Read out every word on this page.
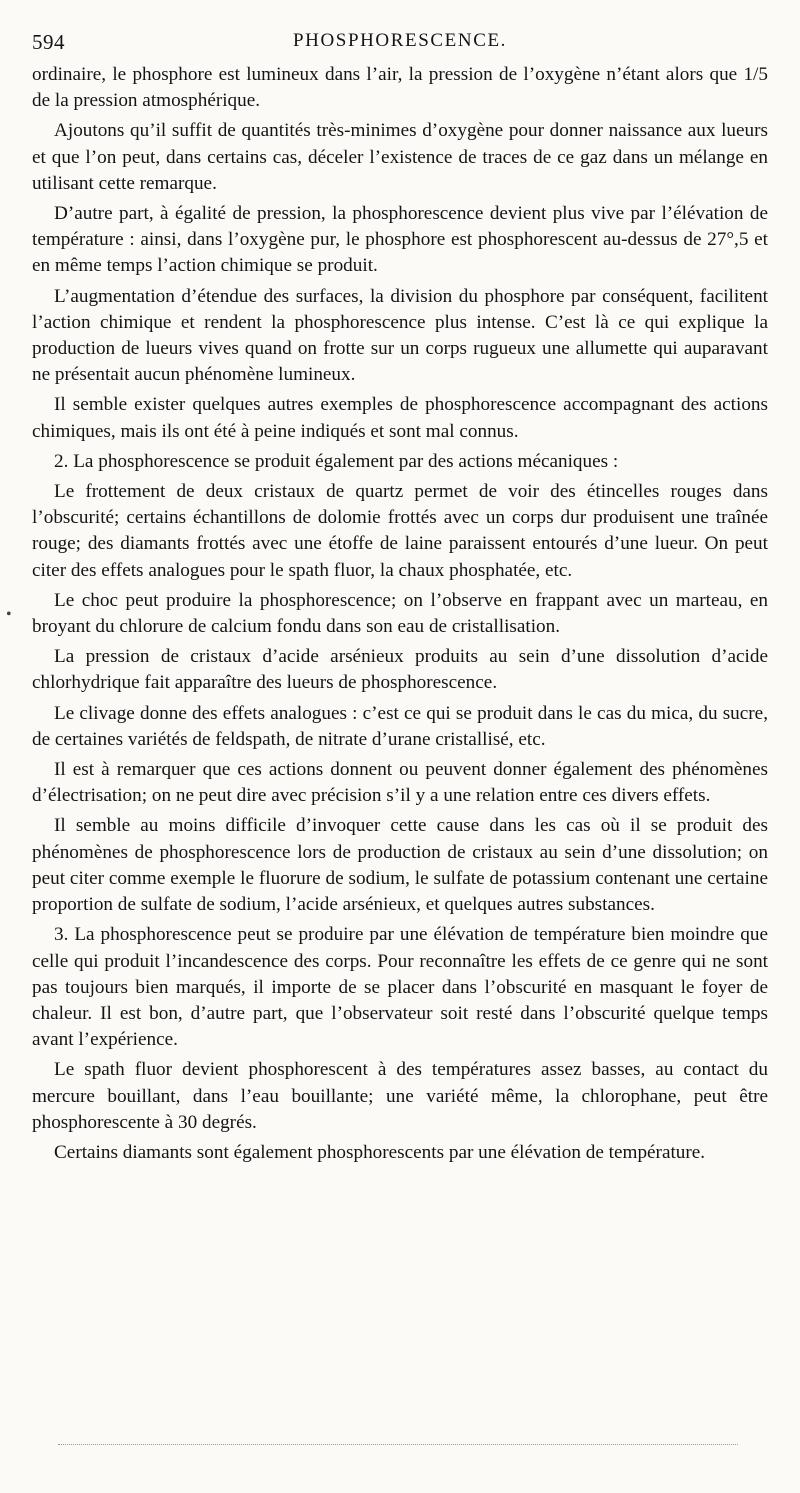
594	PHOSPHORESCENCE.

ordinaire, le phosphore est lumineux dans l’air, la pression de l’oxygène n’étant alors que 1/5 de la pression atmosphérique.

Ajoutons qu’il suffit de quantités très-minimes d’oxygène pour donner naissance aux lueurs et que l’on peut, dans certains cas, déceler l’existence de traces de ce gaz dans un mélange en utilisant cette remarque.

D’autre part, à égalité de pression, la phosphorescence devient plus vive par l’élévation de température : ainsi, dans l’oxygène pur, le phosphore est phosphorescent au-dessus de 27°,5 et en même temps l’action chimique se produit.

L’augmentation d’étendue des surfaces, la division du phosphore par conséquent, facilitent l’action chimique et rendent la phosphorescence plus intense. C’est là ce qui explique la production de lueurs vives quand on frotte sur un corps rugueux une allumette qui auparavant ne présentait aucun phénomène lumineux.

Il semble exister quelques autres exemples de phosphorescence accompagnant des actions chimiques, mais ils ont été à peine indiqués et sont mal connus.

2. La phosphorescence se produit également par des actions mécaniques :

Le frottement de deux cristaux de quartz permet de voir des étincelles rouges dans l’obscurité; certains échantillons de dolomie frottés avec un corps dur produisent une traînée rouge; des diamants frottés avec une étoffe de laine paraissent entourés d’une lueur. On peut citer des effets analogues pour le spath fluor, la chaux phosphatée, etc.

Le choc peut produire la phosphorescence; on l’observe en frappant avec un marteau, en broyant du chlorure de calcium fondu dans son eau de cristallisation.

La pression de cristaux d’acide arsénieux produits au sein d’une dissolution d’acide chlorhydrique fait apparaître des lueurs de phosphorescence.

Le clivage donne des effets analogues : c’est ce qui se produit dans le cas du mica, du sucre, de certaines variétés de feldspath, de nitrate d’urane cristallisé, etc.

Il est à remarquer que ces actions donnent ou peuvent donner également des phénomènes d’électrisation; on ne peut dire avec précision s’il y a une relation entre ces divers effets.

Il semble au moins difficile d’invoquer cette cause dans les cas où il se produit des phénomènes de phosphorescence lors de production de cristaux au sein d’une dissolution; on peut citer comme exemple le fluorure de sodium, le sulfate de potassium contenant une certaine proportion de sulfate de sodium, l’acide arsénieux, et quelques autres substances.

3. La phosphorescence peut se produire par une élévation de température bien moindre que celle qui produit l’incandescence des corps. Pour reconnaître les effets de ce genre qui ne sont pas toujours bien marqués, il importe de se placer dans l’obscurité en masquant le foyer de chaleur. Il est bon, d’autre part, que l’observateur soit resté dans l’obscurité quelque temps avant l’expérience.

Le spath fluor devient phosphorescent à des températures assez basses, au contact du mercure bouillant, dans l’eau bouillante; une variété même, la chlorophane, peut être phosphorescente à 30 degrés.

Certains diamants sont également phosphorescents par une élévation de température.

•
